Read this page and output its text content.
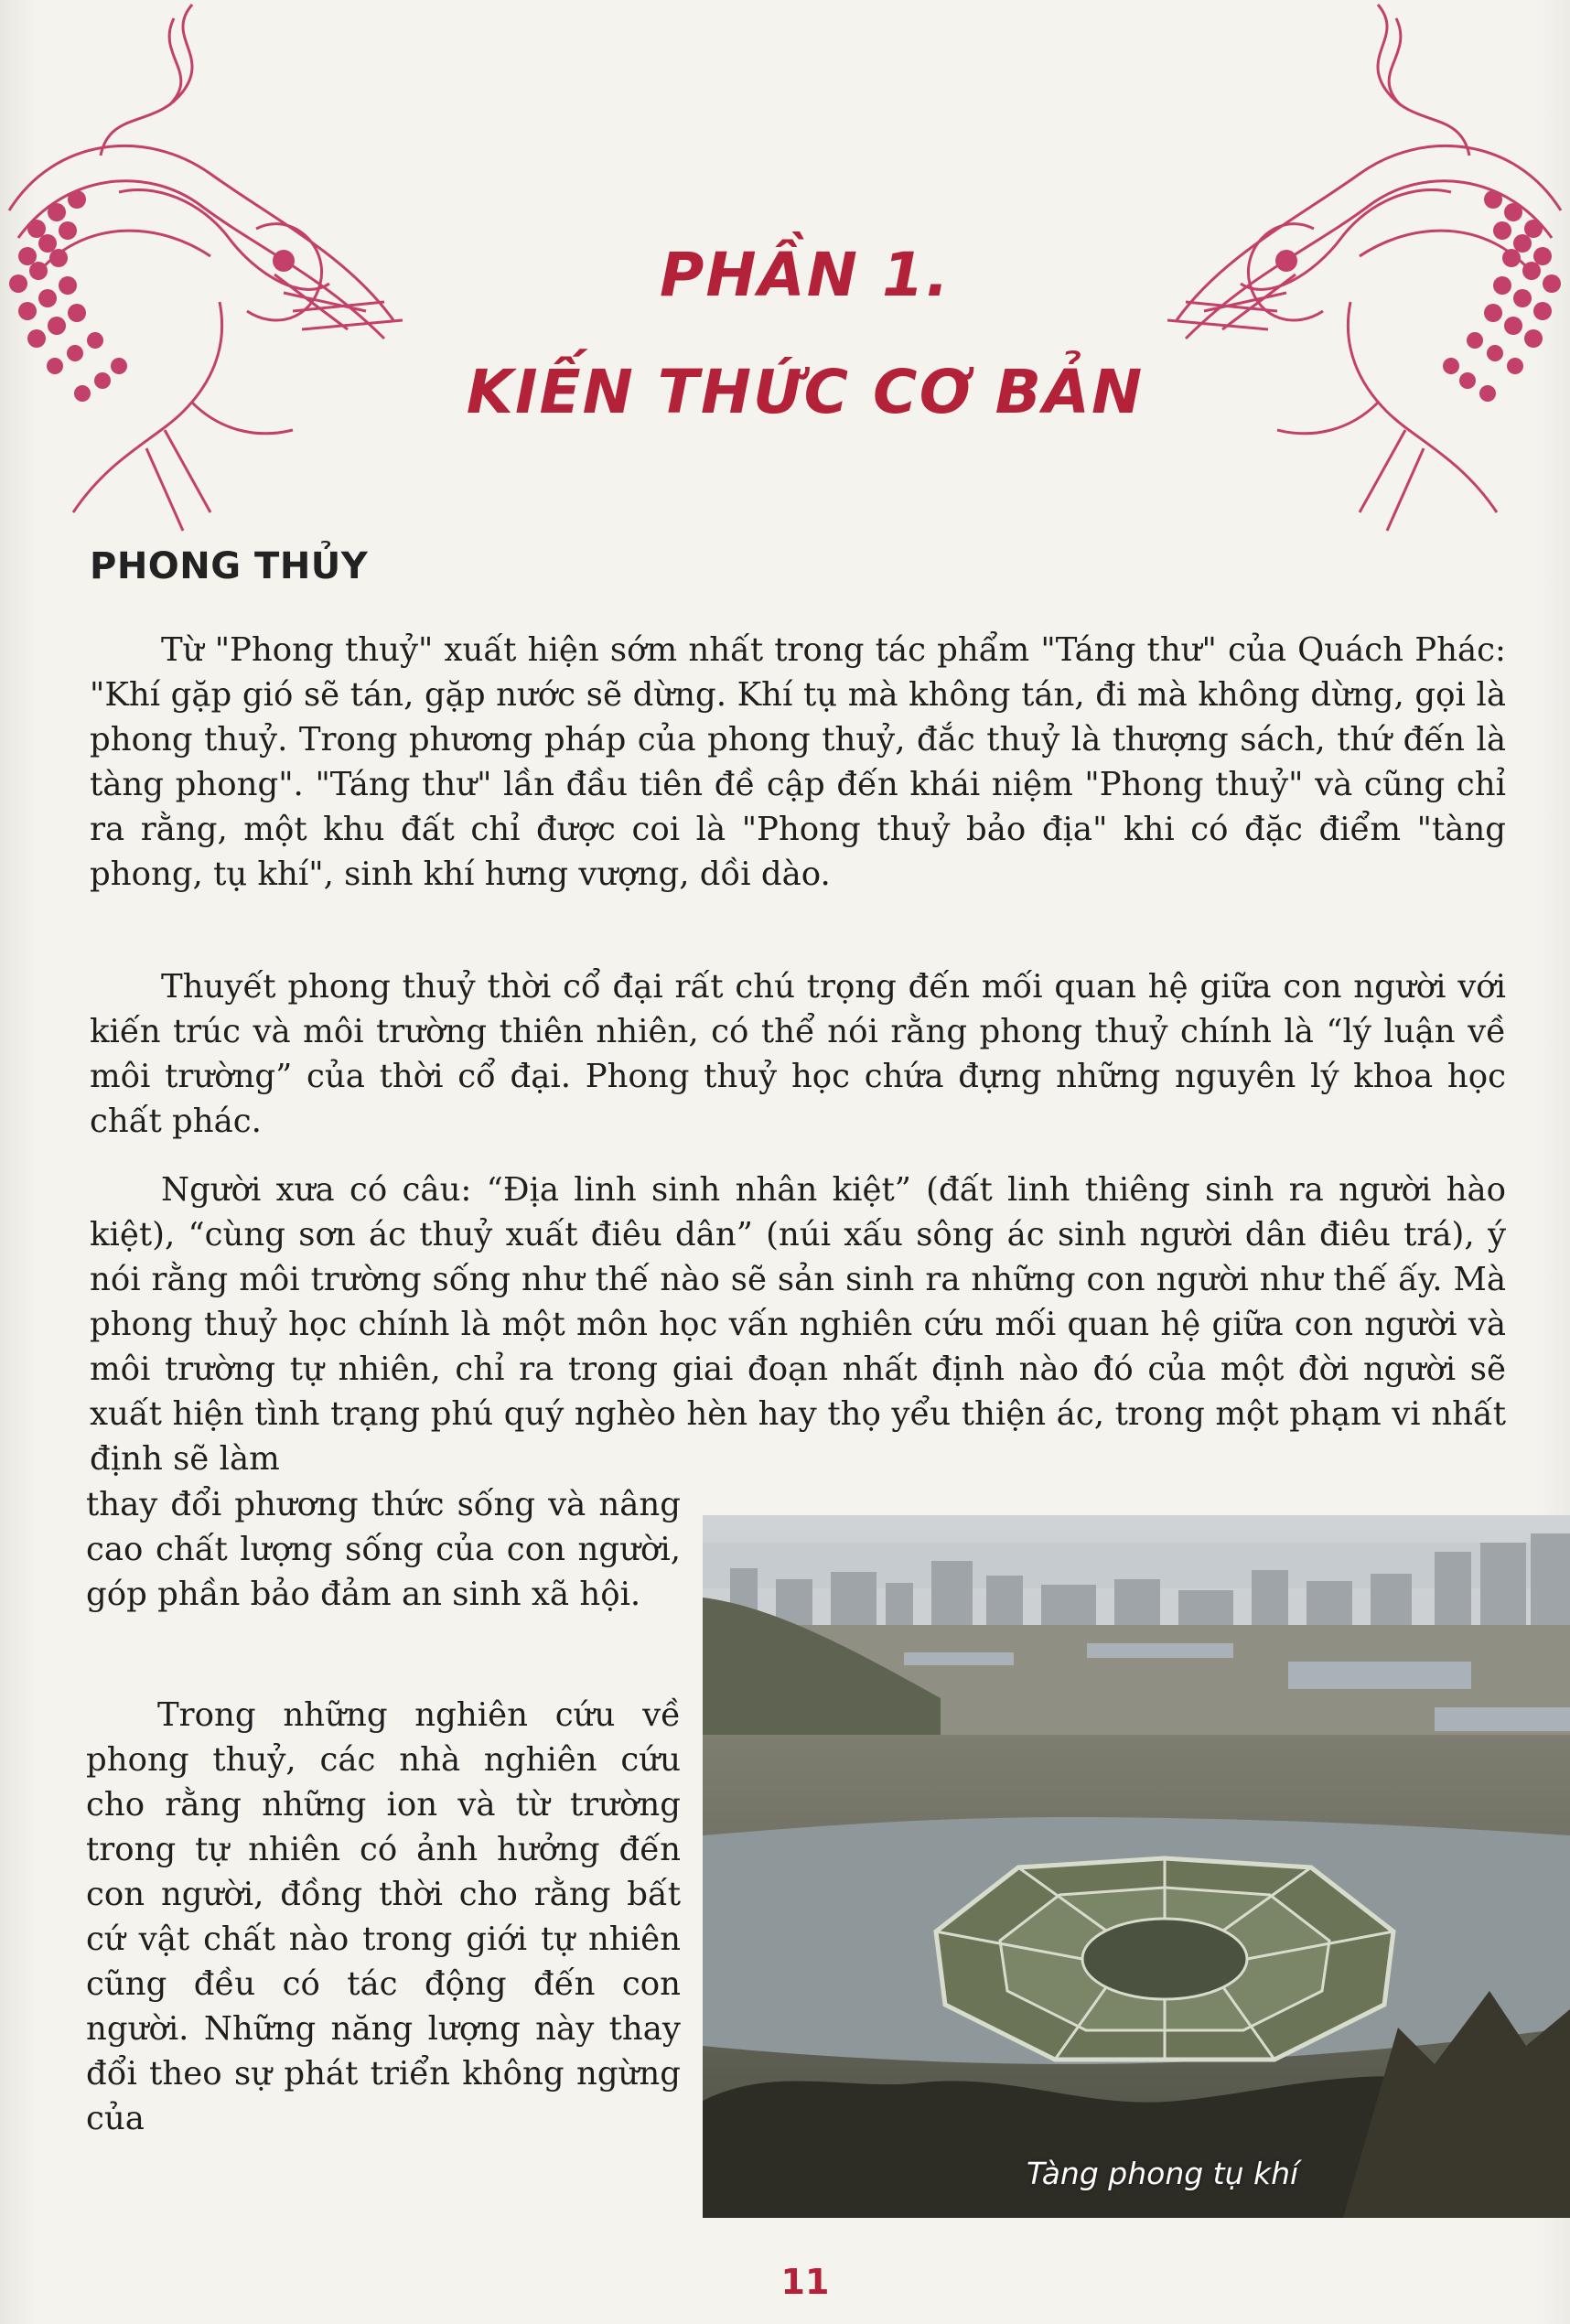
PHẦN 1.
KIẾN THỨC CƠ BẢN
PHONG THỦY

Từ "Phong thuỷ" xuất hiện sớm nhất trong tác phẩm "Táng thư" của Quách Phác: "Khí gặp gió sẽ tán, gặp nước sẽ dừng. Khí tụ mà không tán, đi mà không dừng, gọi là phong thuỷ. Trong phương pháp của phong thuỷ, đắc thuỷ là thượng sách, thứ đến là tàng phong". "Táng thư" lần đầu tiên đề cập đến khái niệm "Phong thuỷ" và cũng chỉ ra rằng, một khu đất chỉ được coi là "Phong thuỷ bảo địa" khi có đặc điểm "tàng phong, tụ khí", sinh khí hưng vượng, dồi dào.

Thuyết phong thuỷ thời cổ đại rất chú trọng đến mối quan hệ giữa con người với kiến trúc và môi trường thiên nhiên, có thể nói rằng phong thuỷ chính là “lý luận về môi trường” của thời cổ đại. Phong thuỷ học chứa đựng những nguyên lý khoa học chất phác.

Người xưa có câu: “Địa linh sinh nhân kiệt” (đất linh thiêng sinh ra người hào kiệt), “cùng sơn ác thuỷ xuất điêu dân” (núi xấu sông ác sinh người dân điêu trá), ý nói rằng môi trường sống như thế nào sẽ sản sinh ra những con người như thế ấy. Mà phong thuỷ học chính là một môn học vấn nghiên cứu mối quan hệ giữa con người và môi trường tự nhiên, chỉ ra trong giai đoạn nhất định nào đó của một đời người sẽ xuất hiện tình trạng phú quý nghèo hèn hay thọ yểu thiện ác, trong một phạm vi nhất định sẽ làm

thay đổi phương thức sống và nâng cao chất lượng sống của con người, góp phần bảo đảm an sinh xã hội.

Trong những nghiên cứu về phong thuỷ, các nhà nghiên cứu cho rằng những ion và từ trường trong tự nhiên có ảnh hưởng đến con người, đồng thời cho rằng bất cứ vật chất nào trong giới tự nhiên cũng đều có tác động đến con người. Những năng lượng này thay đổi theo sự phát triển không ngừng của

Tàng phong tụ khí
11
